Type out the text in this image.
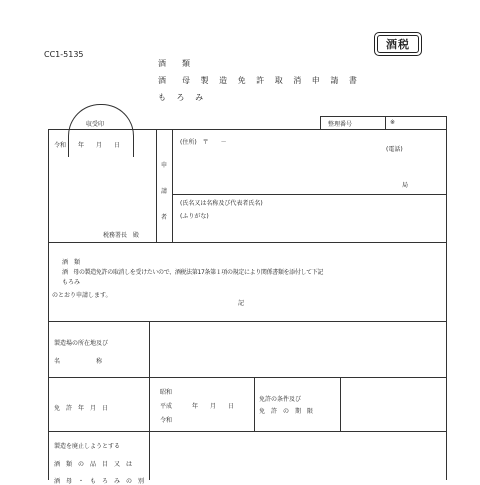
CC1-5135
酒税
酒　類
酒　母 製 造 免 許 取 消 申 請 書
も ろ み
整理番号	※
収受印
令和　　年　　月　　日
税務署長　殿
申
請
者
(住所)　〒　　－
(電話)
局
(氏名又は名称及び代表者氏名)
(ふりがな)
酒　類
酒　母の製造免許の取消しを受けたいので、酒税法第17条第１項の規定により関係書類を添付して下記
もろみ
のとおり申請します。
記
製造場の所在地及び
名　　　　　　称
免　許　年　月　日
昭和
平成
令和
年　　月　　日
免許の条件及び
免　許　の　期　限
製造を廃止しようとする
酒　類　の　品　目　又　は
酒　母　・　も　ろ　み　の　別
